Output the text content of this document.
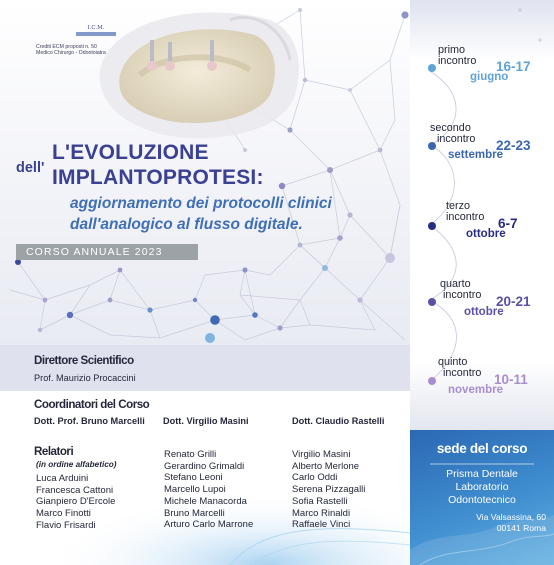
I.C.M.
Crediti ECM proposti n. 50
Medico Chirurgo - Odontoiatra
L'EVOLUZIONE
dell' IMPLANTOPROTESI:
aggiornamento dei protocolli clinici
dall'analogico al flusso digitale.
CORSO ANNUALE 2023
Direttore Scientifico
Prof. Maurizio Procaccini
Coordinatori del Corso
Dott. Prof. Bruno Marcelli Dott. Virgilio Masini	Dott. Claudio Rastelli
Relatori
(in ordine alfabetico)
Luca Arduini
Francesca Cattoni
Gianpiero D'Ercole
Marco Finotti
Flavio Frisardi
Renato Grilli
Gerardino Grimaldi
Stefano Leoni
Marcello Lupoi
Michele Manacorda
Bruno Marcelli
Arturo Carlo Marrone
Virgilio Masini
Alberto Merlone
Carlo Oddi
Serena Pizzagalli
Sofia Rastelli
Marco Rinaldi
Raffaele Vinci
primo
incontro 16-17
giugno
secondo
incontro 22-23
settembre
terzo
incontro 6-7
ottobre
quarto
incontro 20-21
ottobre
quinto
incontro 10-11
novembre
sede del corso
Prisma Dentale
Laboratorio
Odontotecnico
Via Valsassina, 60
00141 Roma
